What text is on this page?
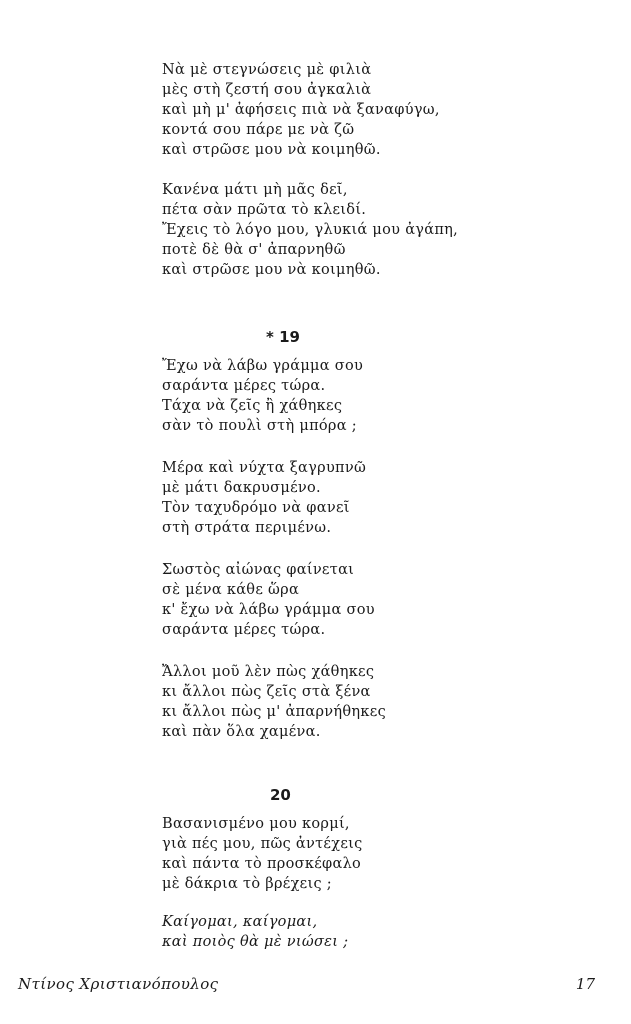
Νὰ μὲ στεγνώσεις μὲ φιλιὰ
μὲς στὴ ζεστή σου ἀγκαλιὰ
καὶ μὴ μ' ἀφήσεις πιὰ νὰ ξαναφύγω,
κοντά σου πάρε με νὰ ζῶ
καὶ στρῶσε μου νὰ κοιμηθῶ.
Κανένα μάτι μὴ μᾶς δεῖ,
πέτα σὰν πρῶτα τὸ κλειδί.
Ἔχεις τὸ λόγο μου, γλυκιά μου ἀγάπη,
ποτὲ δὲ θὰ σ' ἀπαρνηθῶ
καὶ στρῶσε μου νὰ κοιμηθῶ.
* 19
Ἔχω νὰ λάβω γράμμα σου
σαράντα μέρες τώρα.
Τάχα νὰ ζεῖς ἢ χάθηκες
σὰν τὸ πουλὶ στὴ μπόρα ;
Μέρα καὶ νύχτα ξαγρυπνῶ
μὲ μάτι δακρυσμένο.
Τὸν ταχυδρόμο νὰ φανεῖ
στὴ στράτα περιμένω.
Σωστὸς αἰώνας φαίνεται
σὲ μένα κάθε ὥρα
κ' ἔχω νὰ λάβω γράμμα σου
σαράντα μέρες τώρα.
Ἄλλοι μοῦ λὲν πὼς χάθηκες
κι ἄλλοι πὼς ζεῖς στὰ ξένα
κι ἄλλοι πὼς μ' ἀπαρνήθηκες
καὶ πὰν ὅλα χαμένα.
20
Βασανισμένο μου κορμί,
γιὰ πές μου, πῶς ἀντέχεις
καὶ πάντα τὸ προσκέφαλο
μὲ δάκρια τὸ βρέχεις ;
Καίγομαι, καίγομαι,
καὶ ποιὸς θὰ μὲ νιώσει ;
Ντίνος Χριστιανόπουλος	17
